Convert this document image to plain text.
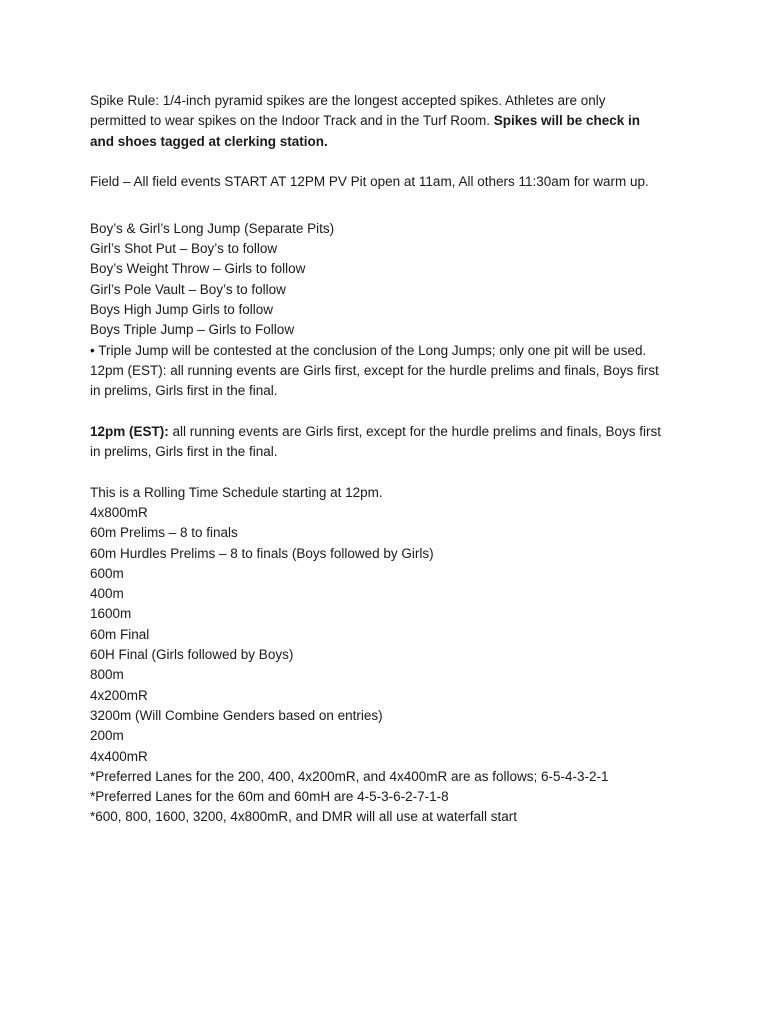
Spike Rule: 1/4-inch pyramid spikes are the longest accepted spikes. Athletes are only
permitted to wear spikes on the Indoor Track and in the Turf Room. Spikes will be check in
and shoes tagged at clerking station.
Field – All field events START AT 12PM PV Pit open at 11am, All others 11:30am for warm up.
Boy’s & Girl’s Long Jump (Separate Pits)
Girl’s Shot Put – Boy’s to follow
Boy’s Weight Throw – Girls to follow
Girl’s Pole Vault – Boy’s to follow
Boys High Jump Girls to follow
Boys Triple Jump – Girls to Follow
• Triple Jump will be contested at the conclusion of the Long Jumps; only one pit will be used.
12pm (EST): all running events are Girls first, except for the hurdle prelims and finals, Boys first
in prelims, Girls first in the final.
12pm (EST): all running events are Girls first, except for the hurdle prelims and finals, Boys first
in prelims, Girls first in the final.
This is a Rolling Time Schedule starting at 12pm.
4x800mR
60m Prelims – 8 to finals
60m Hurdles Prelims – 8 to finals (Boys followed by Girls)
600m
400m
1600m
60m Final
60H Final (Girls followed by Boys)
800m
4x200mR
3200m (Will Combine Genders based on entries)
200m
4x400mR
*Preferred Lanes for the 200, 400, 4x200mR, and 4x400mR are as follows; 6-5-4-3-2-1
*Preferred Lanes for the 60m and 60mH are 4-5-3-6-2-7-1-8
*600, 800, 1600, 3200, 4x800mR, and DMR will all use at waterfall start
